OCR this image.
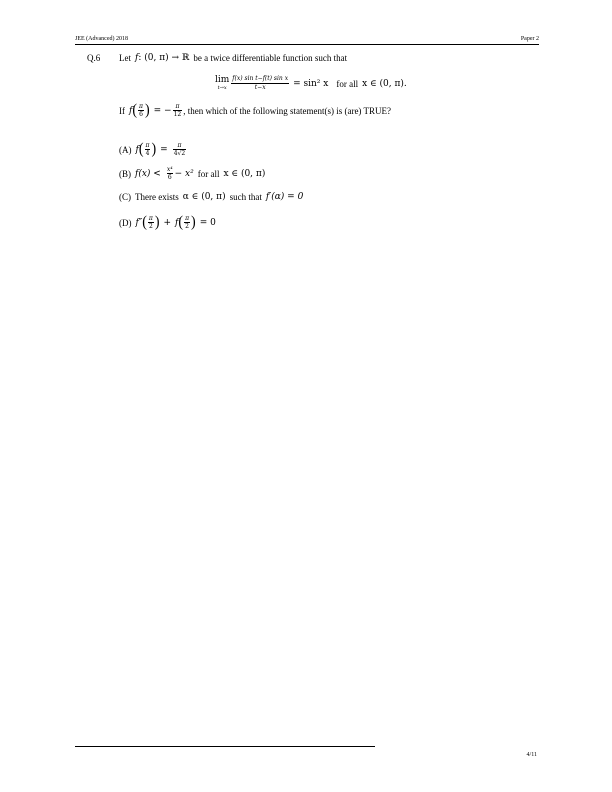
JEE (Advanced) 2018	Paper 2
Q.6 Let f : (0, π) → ℝ be a twice differentiable function such that
lim
$t\to x \frac{\text{f(x) sin t−f(t) sin x}}{t-x} = \sin^2$ x for all x ∈ (0, π).
If f ( $\frac{\pi}{6}$ ) = − $\frac{\pi}{12}$ , then which of the following statement(s) is (are) TRUE?
(A) f ( $\frac{\pi}{4}$ ) = $\frac{\pi}{4√2}$
(B) $f(x) < \frac{\text{x⁴}}{6} - x^2$ for all x ∈ (0, π)
(C) There exists α ∈ (0, π) such that f′(α) = 0
(D) f″ ( $\frac{\pi}{2}$ ) + f ( $\frac{\pi}{2}$ ) = 0
4/11
